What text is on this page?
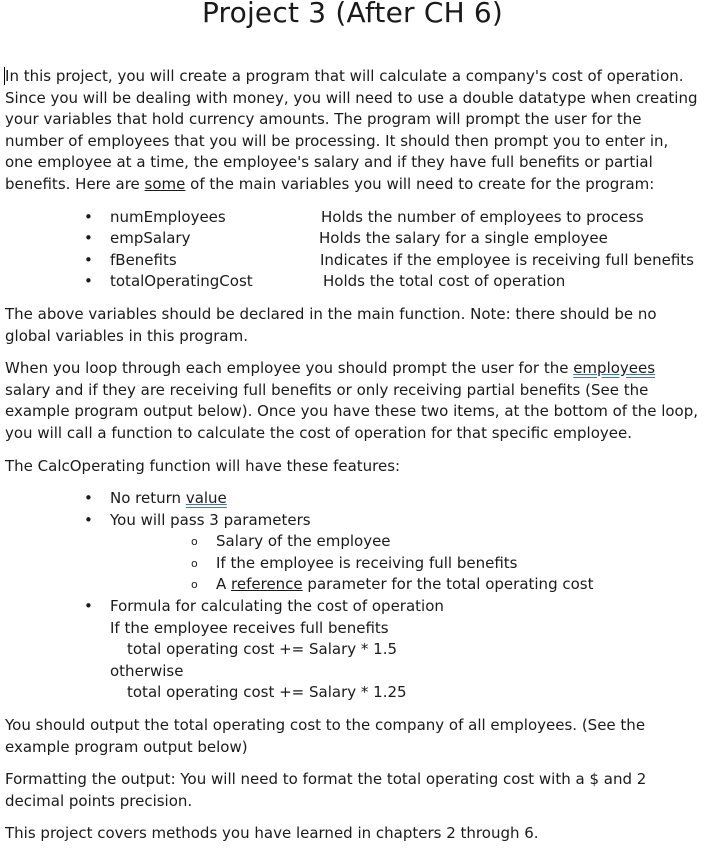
Project 3 (After CH 6)

In this project, you will create a program that will calculate a company's cost of operation. Since you will be dealing with money, you will need to use a double datatype when creating your variables that hold currency amounts. The program will prompt the user for the number of employees that you will be processing. It should then prompt you to enter in, one employee at a time, the employee's salary and if they have full benefits or partial benefits. Here are some of the main variables you will need to create for the program:

• numEmployees	Holds the number of employees to process
• empSalary	Holds the salary for a single employee
• fBenefits	Indicates if the employee is receiving full benefits
• totalOperatingCost	Holds the total cost of operation

The above variables should be declared in the main function. Note: there should be no global variables in this program.

When you loop through each employee you should prompt the user for the employees salary and if they are receiving full benefits or only receiving partial benefits (See the example program output below). Once you have these two items, at the bottom of the loop, you will call a function to calculate the cost of operation for that specific employee.

The CalcOperating function will have these features:

• No return value

• You will pass 3 parameters

o Salary of the employee

o If the employee is receiving full benefits

o A reference parameter for the total operating cost

• Formula for calculating the cost of operation

If the employee receives full benefits

total operating cost += Salary * 1.5

otherwise

total operating cost += Salary * 1.25

You should output the total operating cost to the company of all employees. (See the example program output below)

Formatting the output: You will need to format the total operating cost with a $ and 2 decimal points precision.

This project covers methods you have learned in chapters 2 through 6.
